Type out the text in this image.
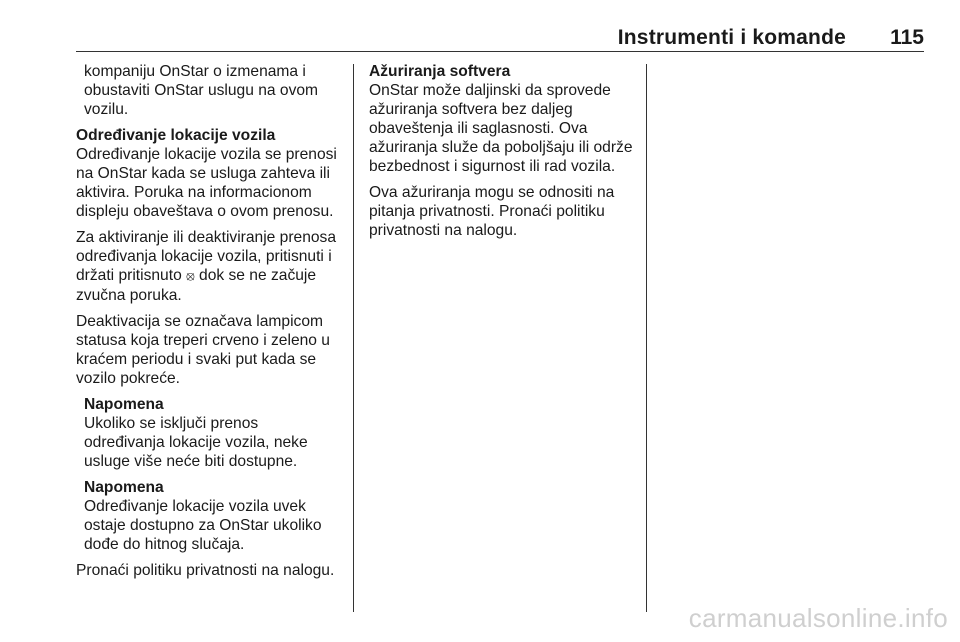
Instrumenti i komande 115

kompaniju OnStar o izmenama i obustaviti OnStar uslugu na ovom vozilu.

Određivanje lokacije vozila

Određivanje lokacije vozila se prenosi na OnStar kada se usluga zahteva ili aktivira. Poruka na informacionom displeju obaveštava o ovom prenosu.

Za aktiviranje ili deaktiviranje prenosa određivanja lokacije vozila, pritisnuti i držati pritisnuto ⦻ dok se ne začuje zvučna poruka.

Deaktivacija se označava lampicom statusa koja treperi crveno i zeleno u kraćem periodu i svaki put kada se vozilo pokreće.

Napomena
Ukoliko se isključi prenos određivanja lokacije vozila, neke usluge više neće biti dostupne.
Napomena
Određivanje lokacije vozila uvek ostaje dostupno za OnStar ukoliko dođe do hitnog slučaja.

Pronaći politiku privatnosti na nalogu.

Ažuriranja softvera

OnStar može daljinski da sprovede ažuriranja softvera bez daljeg obaveštenja ili saglasnosti. Ova ažuriranja služe da poboljšaju ili održe bezbednost i sigurnost ili rad vozila.

Ova ažuriranja mogu se odnositi na pitanja privatnosti. Pronaći politiku privatnosti na nalogu.

carmanualsonline.info
